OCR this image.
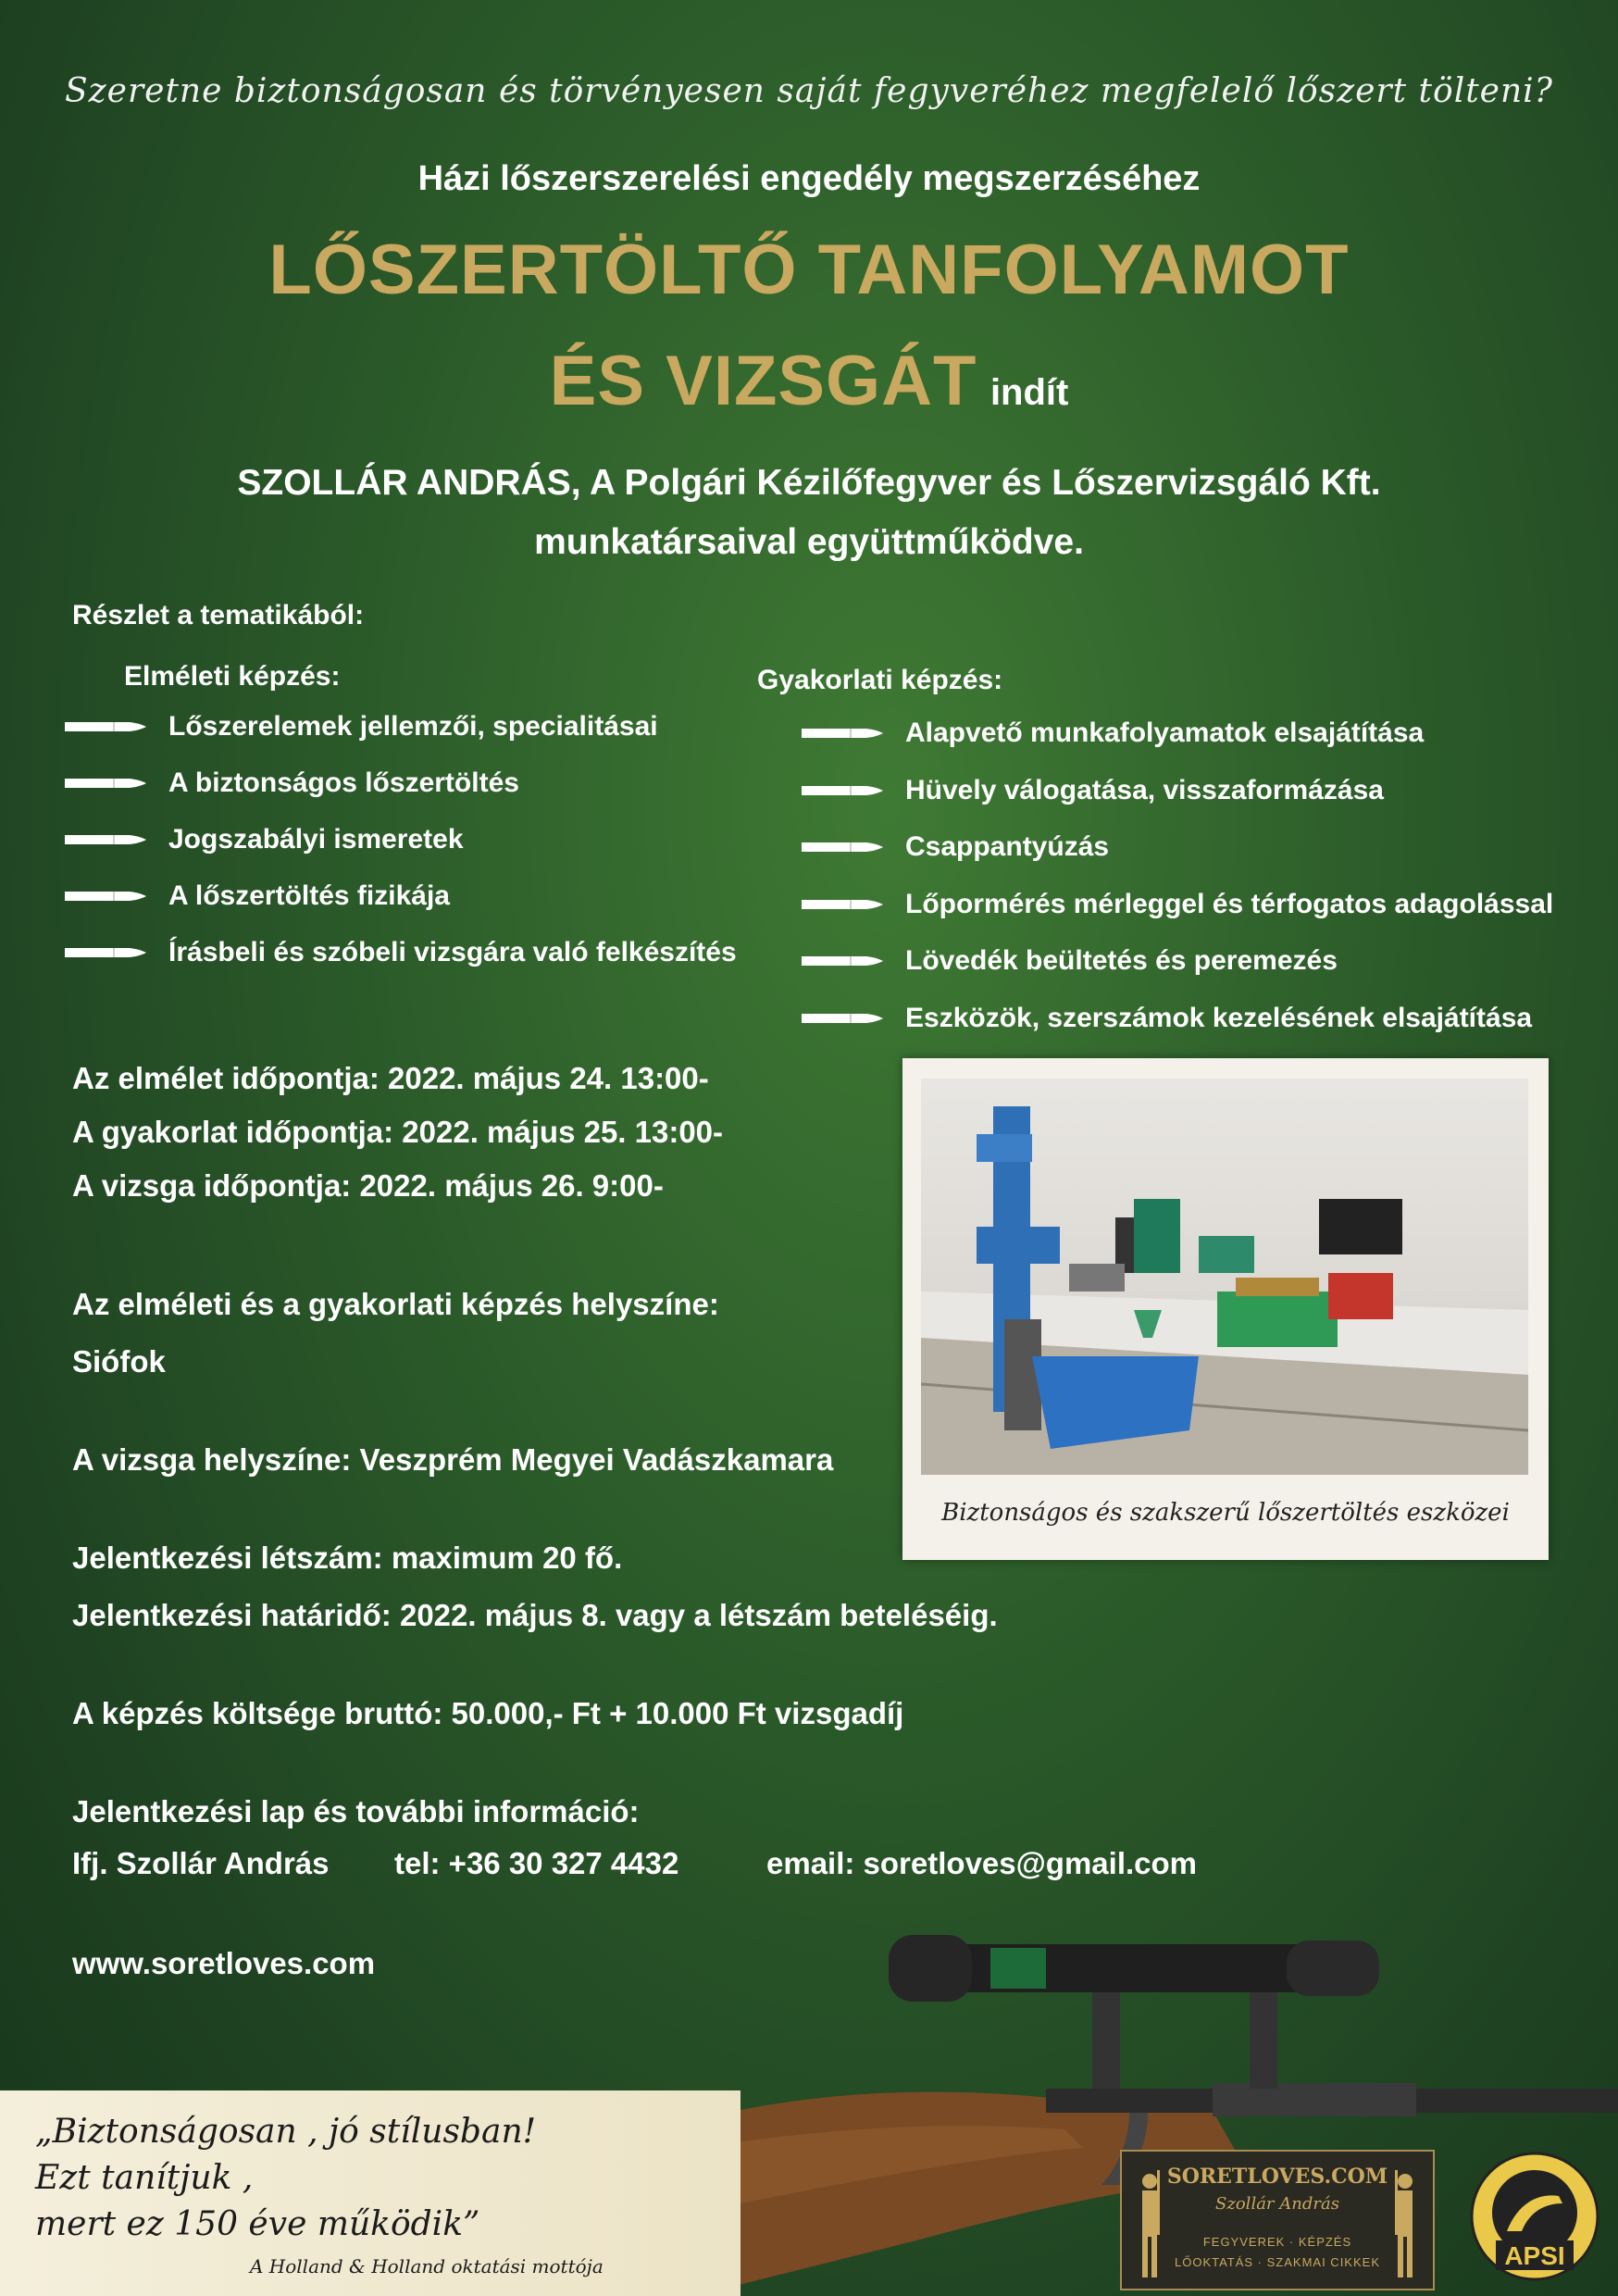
Szeretne biztonságosan és törvényesen saját fegyveréhez megfelelő lőszert tölteni?
Házi lőszerszerelési engedély megszerzéséhez
LŐSZERTÖLTŐ TANFOLYAMOT
ÉS VIZSGÁT indít
SZOLLÁR ANDRÁS, A Polgári Kézilőfegyver és Lőszervizsgáló Kft.
munkatársaival együttműködve.
Részlet a tematikából:
Elméleti képzés:	Gyakorlati képzés:
Lőszerelemek jellemzői, specialitásai
A biztonságos lőszertöltés
Jogszabályi ismeretek
A lőszertöltés fizikája
Írásbeli és szóbeli vizsgára való felkészítés
Alapvető munkafolyamatok elsajátítása
Hüvely válogatása, visszaformázása
Csappantyúzás
Lőpormérés mérleggel és térfogatos adagolással
Lövedék beültetés és peremezés
Eszközök, szerszámok kezelésének elsajátítása
Az elmélet időpontja: 2022. május 24. 13:00-
A gyakorlat időpontja: 2022. május 25. 13:00-
A vizsga időpontja: 2022. május 26. 9:00-
Az elméleti és a gyakorlati képzés helyszíne:
Siófok
A vizsga helyszíne: Veszprém Megyei Vadászkamara
Jelentkezési létszám: maximum 20 fő.
Jelentkezési határidő: 2022. május 8. vagy a létszám beteléséig.
A képzés költsége bruttó: 50.000,- Ft + 10.000 Ft vizsgadíj
Jelentkezési lap és további információ:
Ifj. Szollár András tel: +36 30 327 4432	email: soretloves@gmail.com
www.soretloves.com
Biztonságos és szakszerű lőszertöltés eszközei
„Biztonságosan , jó stílusban!
Ezt tanítjuk ,
mert ez 150 éve működik”
A Holland & Holland oktatási mottója
SORETLOVES.COM
Szollár András
FEGYVEREK · KÉPZÉS
LŐOKTATÁS · SZAKMAI CIKKEK	APSI
